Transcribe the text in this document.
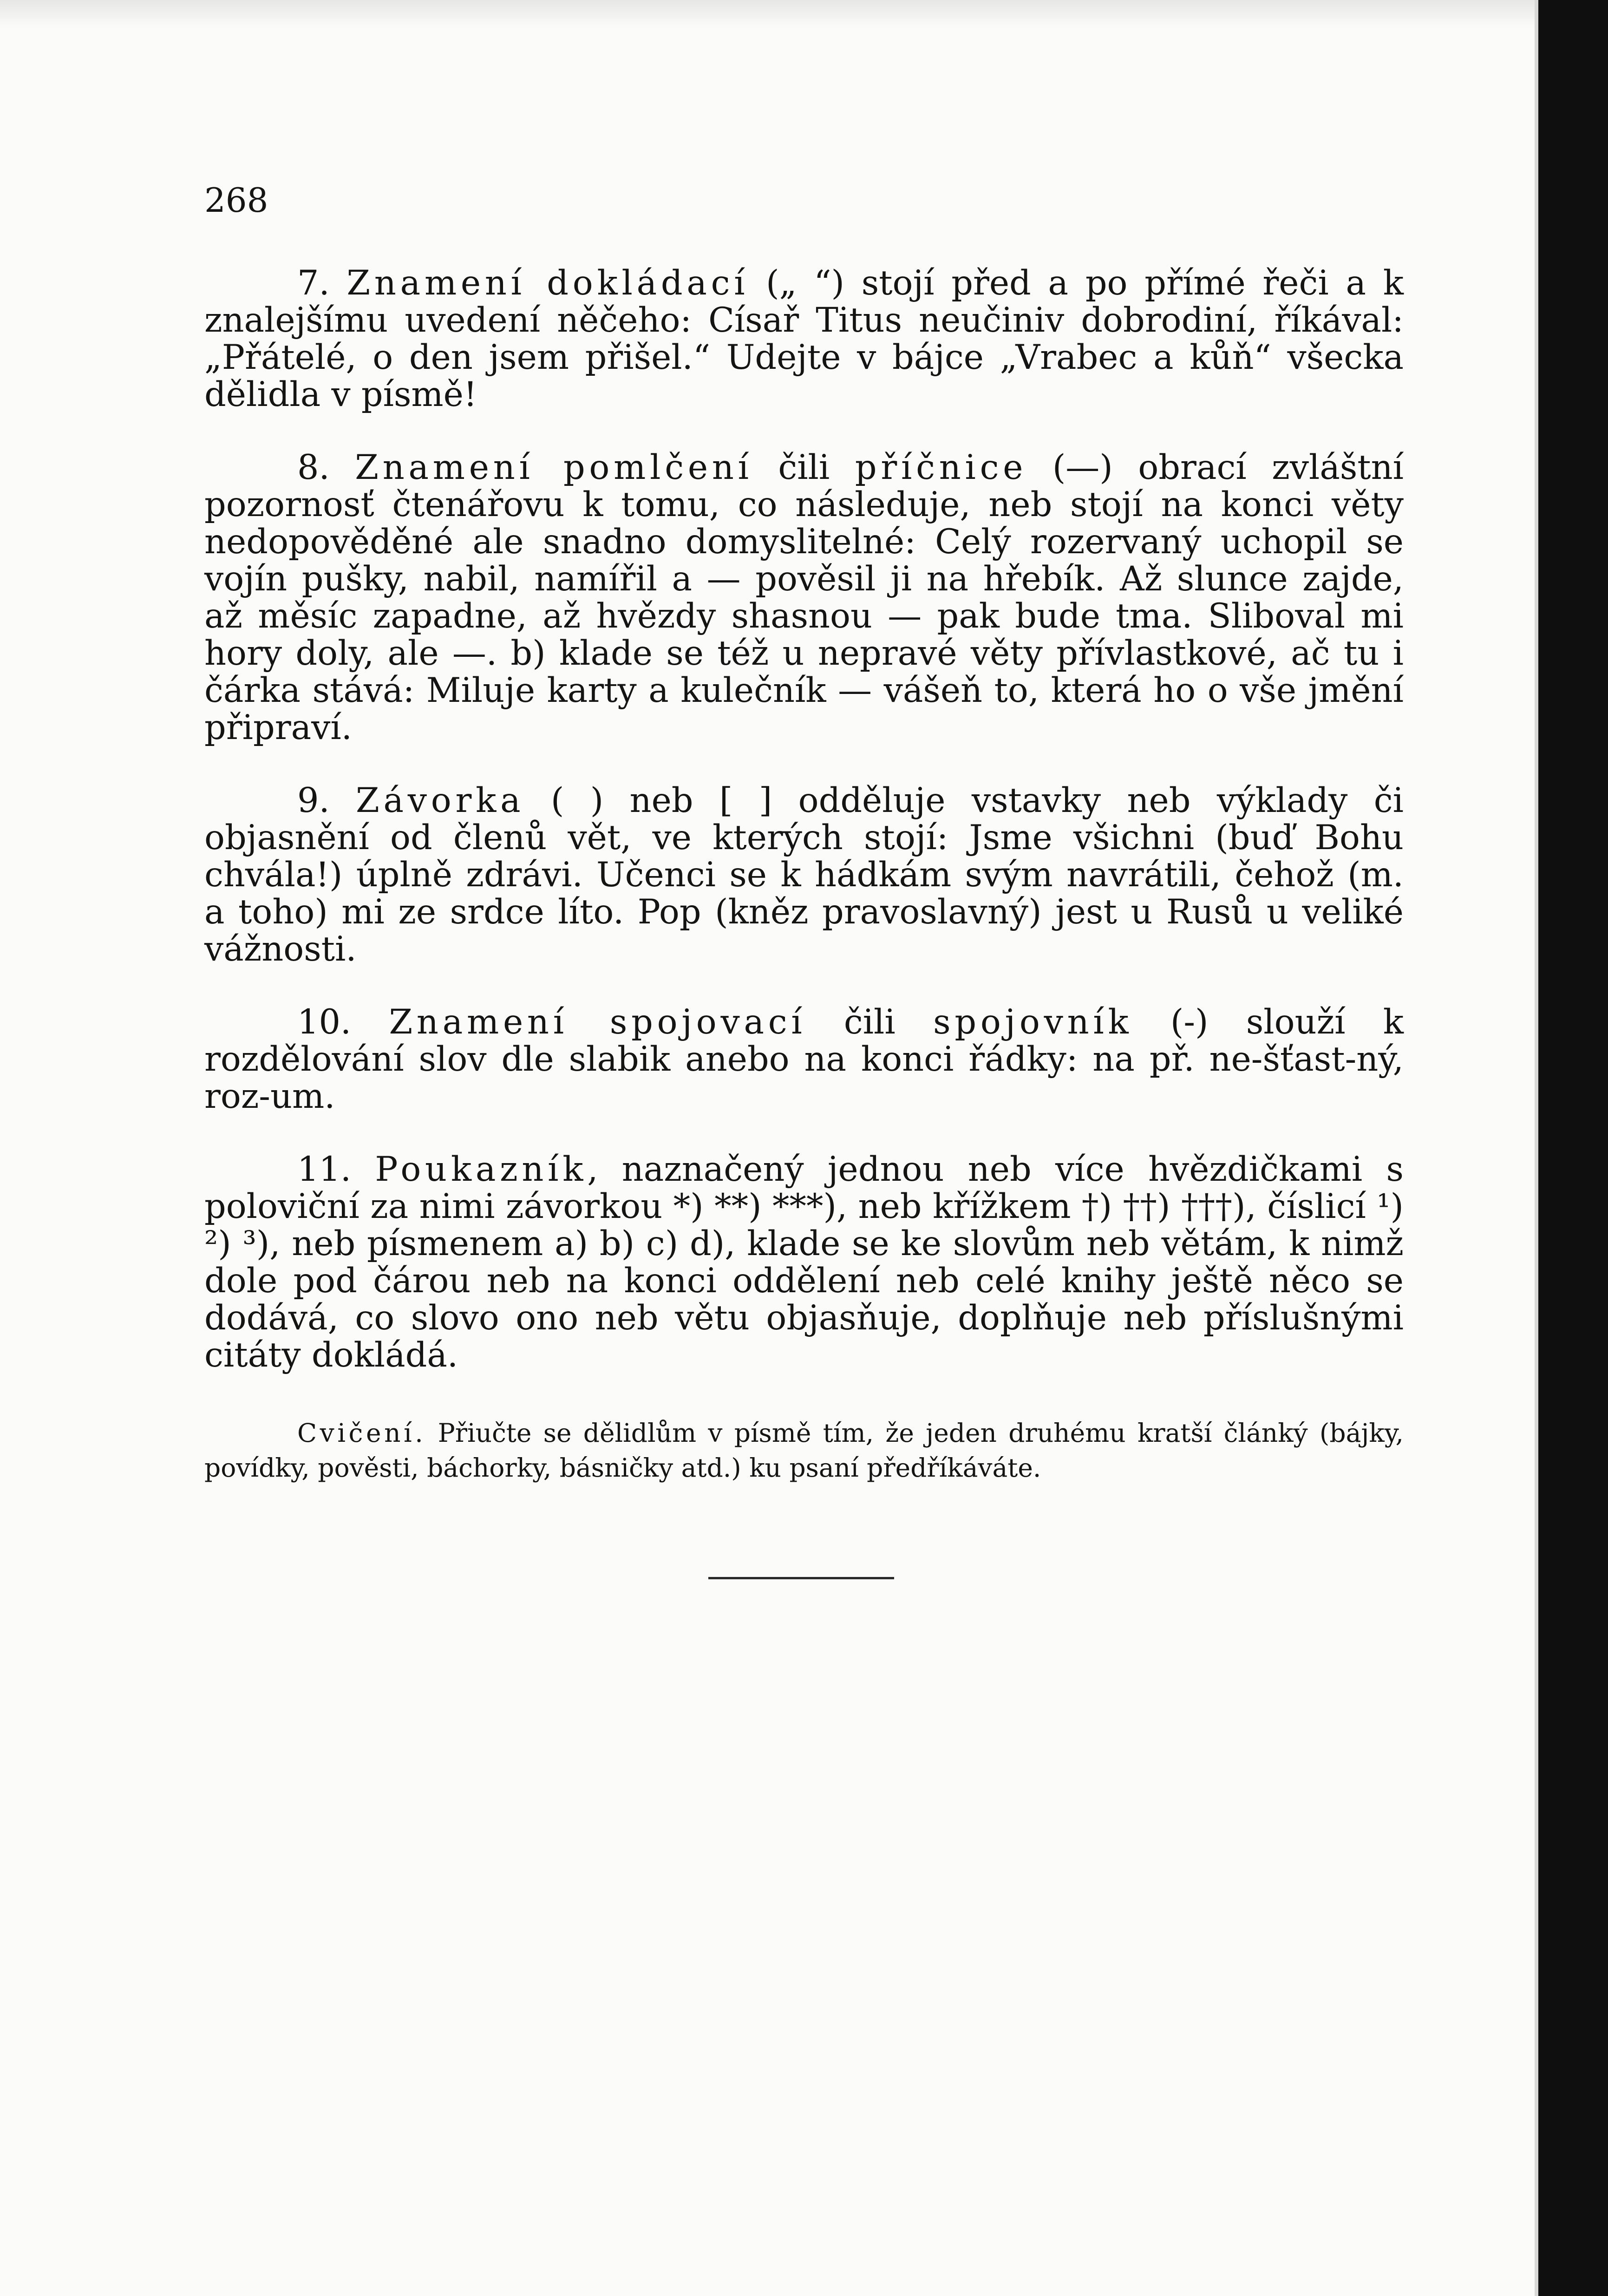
268

7. Znamení dokládací („ “) stojí před a po přímé řeči a k znalejšímu uvedení něčeho: Císař Titus neučiniv dobrodiní, říkával: „Přátelé, o den jsem přišel.“ Udejte v bájce „Vrabec a kůň“ všecka dělidla v písmě!

8. Znamení pomlčení čili příčnice (—) obrací zvláštní pozornosť čtenářovu k tomu, co následuje, neb stojí na konci věty nedopověděné ale snadno domyslitelné: Celý rozervaný uchopil se vojín pušky, nabil, namířil a — pověsil ji na hřebík. Až slunce zajde, až měsíc zapadne, až hvězdy shasnou — pak bude tma. Sliboval mi hory doly, ale —. b) klade se též u nepravé věty přívlastkové, ač tu i čárka stává: Miluje karty a kulečník — vášeň to, která ho o vše jmění připraví.

9. Závorka ( ) neb [ ] odděluje vstavky neb výklady či objasnění od členů vět, ve kterých stojí: Jsme všichni (buď Bohu chvála!) úplně zdrávi. Učenci se k hádkám svým navrátili, čehož (m. a toho) mi ze srdce líto. Pop (kněz pravoslavný) jest u Rusů u veliké vážnosti.

10. Znamení spojovací čili spojovník (-) slouží k rozdělování slov dle slabik anebo na konci řádky: na př. ne-šťast-ný, roz-um.

11. Poukazník, naznačený jednou neb více hvězdičkami s poloviční za nimi závorkou *) **) ***), neb křížkem †) ††) †††), číslicí ¹) ²) ³), neb písmenem a) b) c) d), klade se ke slovům neb větám, k nimž dole pod čárou neb na konci oddělení neb celé knihy ještě něco se dodává, co slovo ono neb větu objasňuje, doplňuje neb příslušnými citáty dokládá.

Cvičení. Přiučte se dělidlům v písmě tím, že jeden druhému kratší článký (bájky, povídky, pověsti, báchorky, básničky atd.) ku psaní předříkáváte.
